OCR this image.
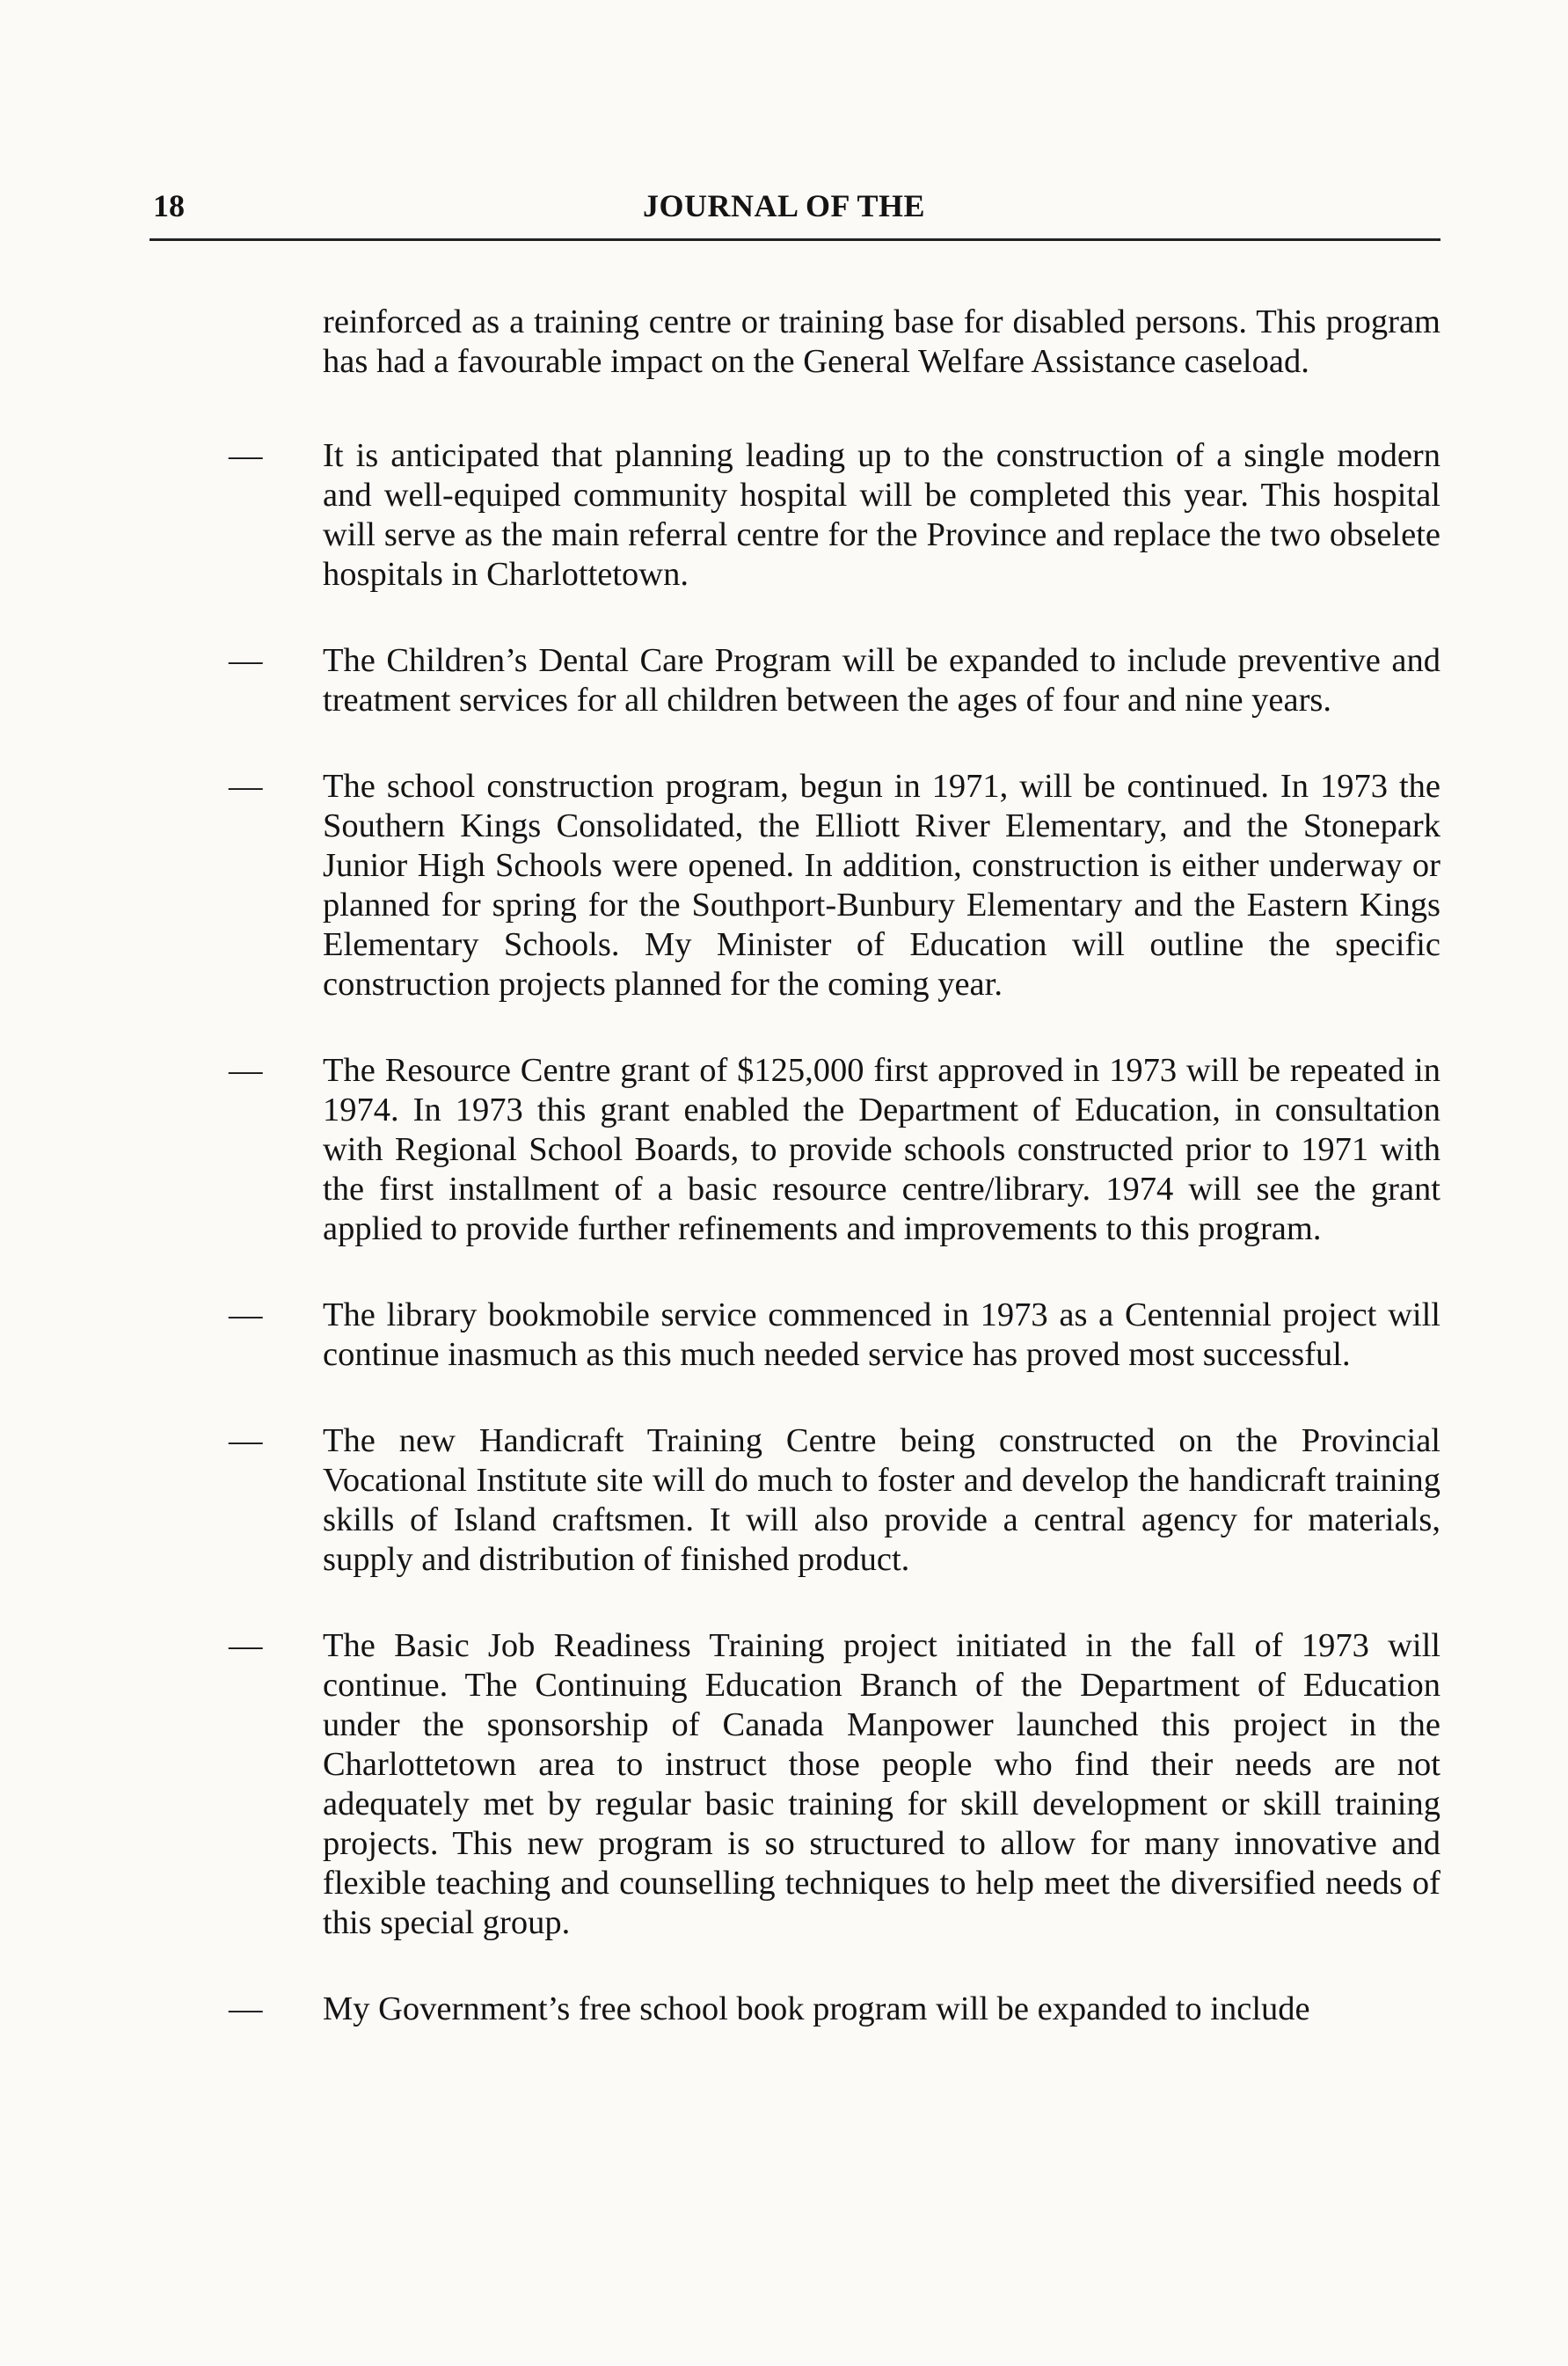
18	JOURNAL OF THE

reinforced as a training centre or training base for disabled persons. This program has had a favourable impact on the General Welfare Assistance caseload.

— It is anticipated that planning leading up to the construction of a single modern and well-equiped community hospital will be completed this year. This hospital will serve as the main referral centre for the Province and replace the two obselete hospitals in Charlottetown.

— The Children’s Dental Care Program will be expanded to include preventive and treatment services for all children between the ages of four and nine years.

— The school construction program, begun in 1971, will be continued. In 1973 the Southern Kings Consolidated, the Elliott River Elementary, and the Stonepark Junior High Schools were opened. In addition, construction is either underway or planned for spring for the Southport-Bunbury Elementary and the Eastern Kings Elementary Schools. My Minister of Education will outline the specific construction projects planned for the coming year.

— The Resource Centre grant of $125,000 first approved in 1973 will be repeated in 1974. In 1973 this grant enabled the Department of Education, in consultation with Regional School Boards, to provide schools constructed prior to 1971 with the first installment of a basic resource centre/library. 1974 will see the grant applied to provide further refinements and improvements to this program.

— The library bookmobile service commenced in 1973 as a Centennial project will continue inasmuch as this much needed service has proved most successful.

— The new Handicraft Training Centre being constructed on the Provincial Vocational Institute site will do much to foster and develop the handicraft training skills of Island craftsmen. It will also provide a central agency for materials, supply and distribution of finished product.

— The Basic Job Readiness Training project initiated in the fall of 1973 will continue. The Continuing Education Branch of the Department of Education under the sponsorship of Canada Manpower launched this project in the Charlottetown area to instruct those people who find their needs are not adequately met by regular basic training for skill development or skill training projects. This new program is so structured to allow for many innovative and flexible teaching and counselling techniques to help meet the diversified needs of this special group.

— My Government’s free school book program will be expanded to include
